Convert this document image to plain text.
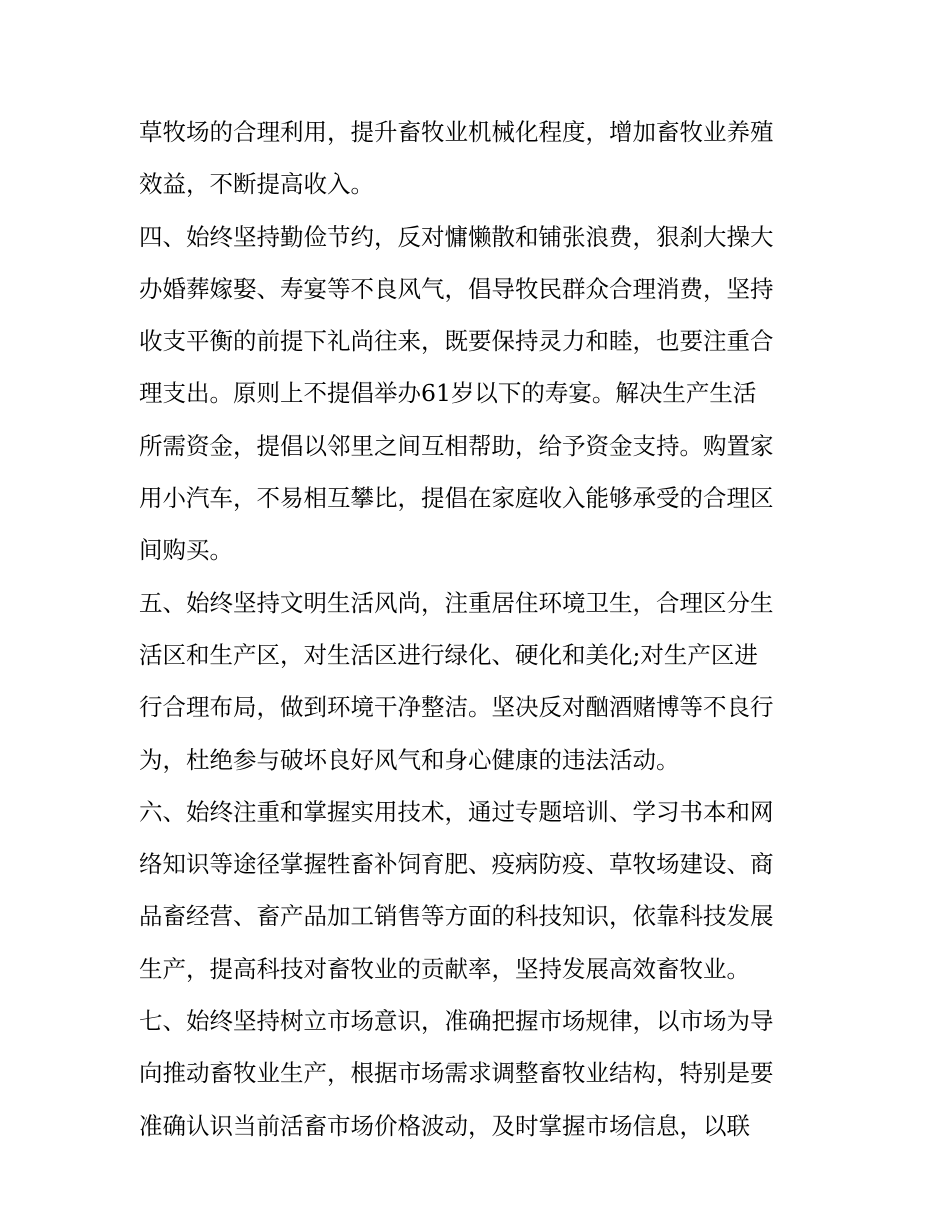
草牧场的合理利用，提升畜牧业机械化程度，增加畜牧业养殖
效益，不断提高收入。
四、始终坚持勤俭节约，反对慵懒散和铺张浪费，狠刹大操大
办婚葬嫁娶、寿宴等不良风气，倡导牧民群众合理消费，坚持
收支平衡的前提下礼尚往来，既要保持灵力和睦，也要注重合
理支出。原则上不提倡举办61岁以下的寿宴。解决生产生活
所需资金，提倡以邻里之间互相帮助，给予资金支持。购置家
用小汽车，不易相互攀比，提倡在家庭收入能够承受的合理区
间购买。
五、始终坚持文明生活风尚，注重居住环境卫生，合理区分生
活区和生产区，对生活区进行绿化、硬化和美化;对生产区进
行合理布局，做到环境干净整洁。坚决反对酗酒赌博等不良行
为，杜绝参与破坏良好风气和身心健康的违法活动。
六、始终注重和掌握实用技术，通过专题培训、学习书本和网
络知识等途径掌握牲畜补饲育肥、疫病防疫、草牧场建设、商
品畜经营、畜产品加工销售等方面的科技知识，依靠科技发展
生产，提高科技对畜牧业的贡献率，坚持发展高效畜牧业。
七、始终坚持树立市场意识，准确把握市场规律，以市场为导
向推动畜牧业生产，根据市场需求调整畜牧业结构，特别是要
准确认识当前活畜市场价格波动，及时掌握市场信息，以联
